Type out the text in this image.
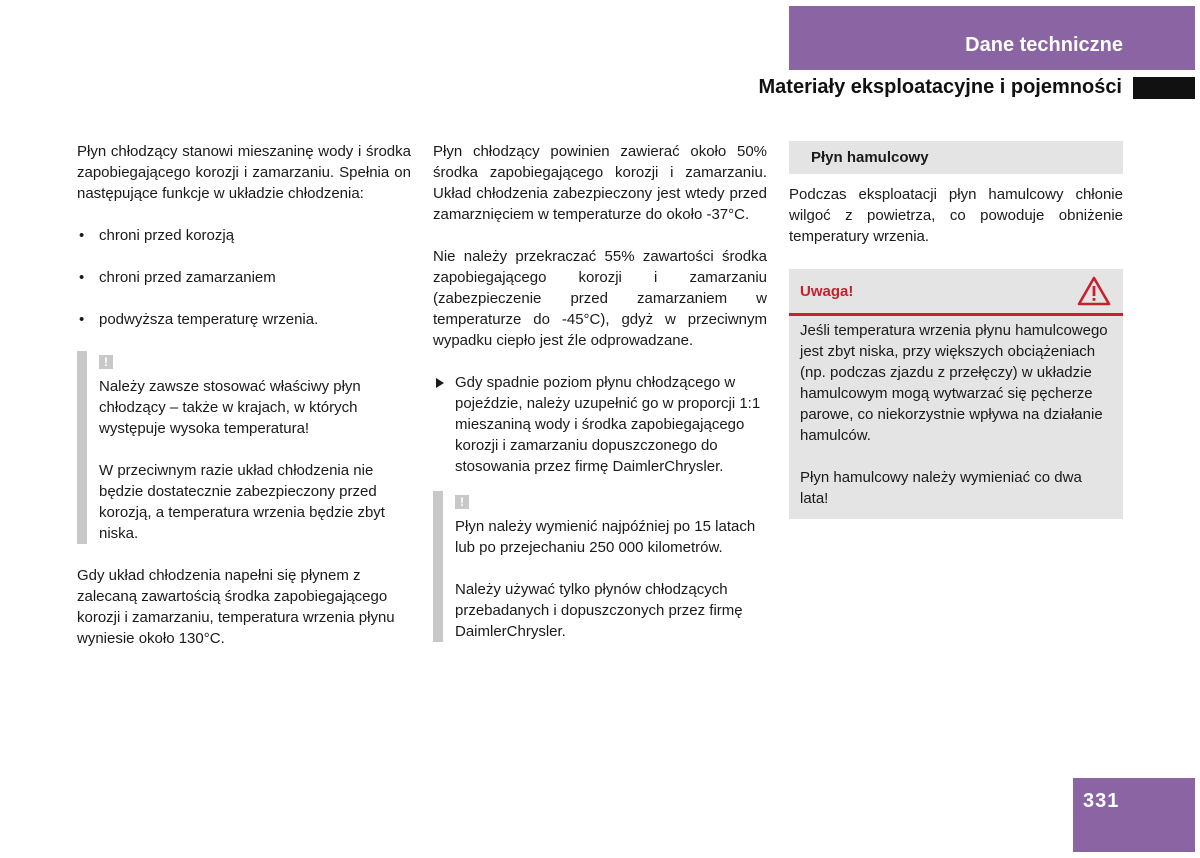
Dane techniczne
Materiały eksploatacyjne i pojemności

Płyn chłodzący stanowi mieszaninę wody i środka zapobiegającego korozji i zamarzaniu. Spełnia on następujące funkcje w układzie chłodzenia:

• chroni przed korozją
• chroni przed zamarzaniem
• podwyższa temperaturę wrzenia.
!

Należy zawsze stosować właściwy płyn chłodzący – także w krajach, w których występuje wysoka temperatura!

W przeciwnym razie układ chłodzenia nie będzie dostatecznie zabezpieczony przed korozją, a temperatura wrzenia będzie zbyt niska.

Gdy układ chłodzenia napełni się płynem z zalecaną zawartością środka zapobiegającego korozji i zamarzaniu, temperatura wrzenia płynu wyniesie około 130°C.

Płyn chłodzący powinien zawierać około 50% środka zapobiegającego korozji i zamarzaniu. Układ chłodzenia zabezpieczony jest wtedy przed zamarznięciem w temperaturze do około -37°C.

Nie należy przekraczać 55% zawartości środka zapobiegającego korozji i zamarzaniu (zabezpieczenie przed zamarzaniem w temperaturze do -45°C), gdyż w przeciwnym wypadku ciepło jest źle odprowadzane.

Gdy spadnie poziom płynu chłodzącego w pojeździe, należy uzupełnić go w proporcji 1:1 mieszaniną wody i środka zapobiegającego korozji i zamarzaniu dopuszczonego do stosowania przez firmę DaimlerChrysler.

!

Płyn należy wymienić najpóźniej po 15 latach lub po przejechaniu 250 000 kilometrów.

Należy używać tylko płynów chłodzących przebadanych i dopuszczonych przez firmę DaimlerChrysler.

Płyn hamulcowy

Podczas eksploatacji płyn hamulcowy chłonie wilgoć z powietrza, co powoduje obniżenie temperatury wrzenia.

Uwaga!

Jeśli temperatura wrzenia płynu hamulcowego jest zbyt niska, przy większych obciążeniach (np. podczas zjazdu z przełęczy) w układzie hamulcowym mogą wytwarzać się pęcherze parowe, co niekorzystnie wpływa na działanie hamulców.

Płyn hamulcowy należy wymieniać co dwa lata!

331
